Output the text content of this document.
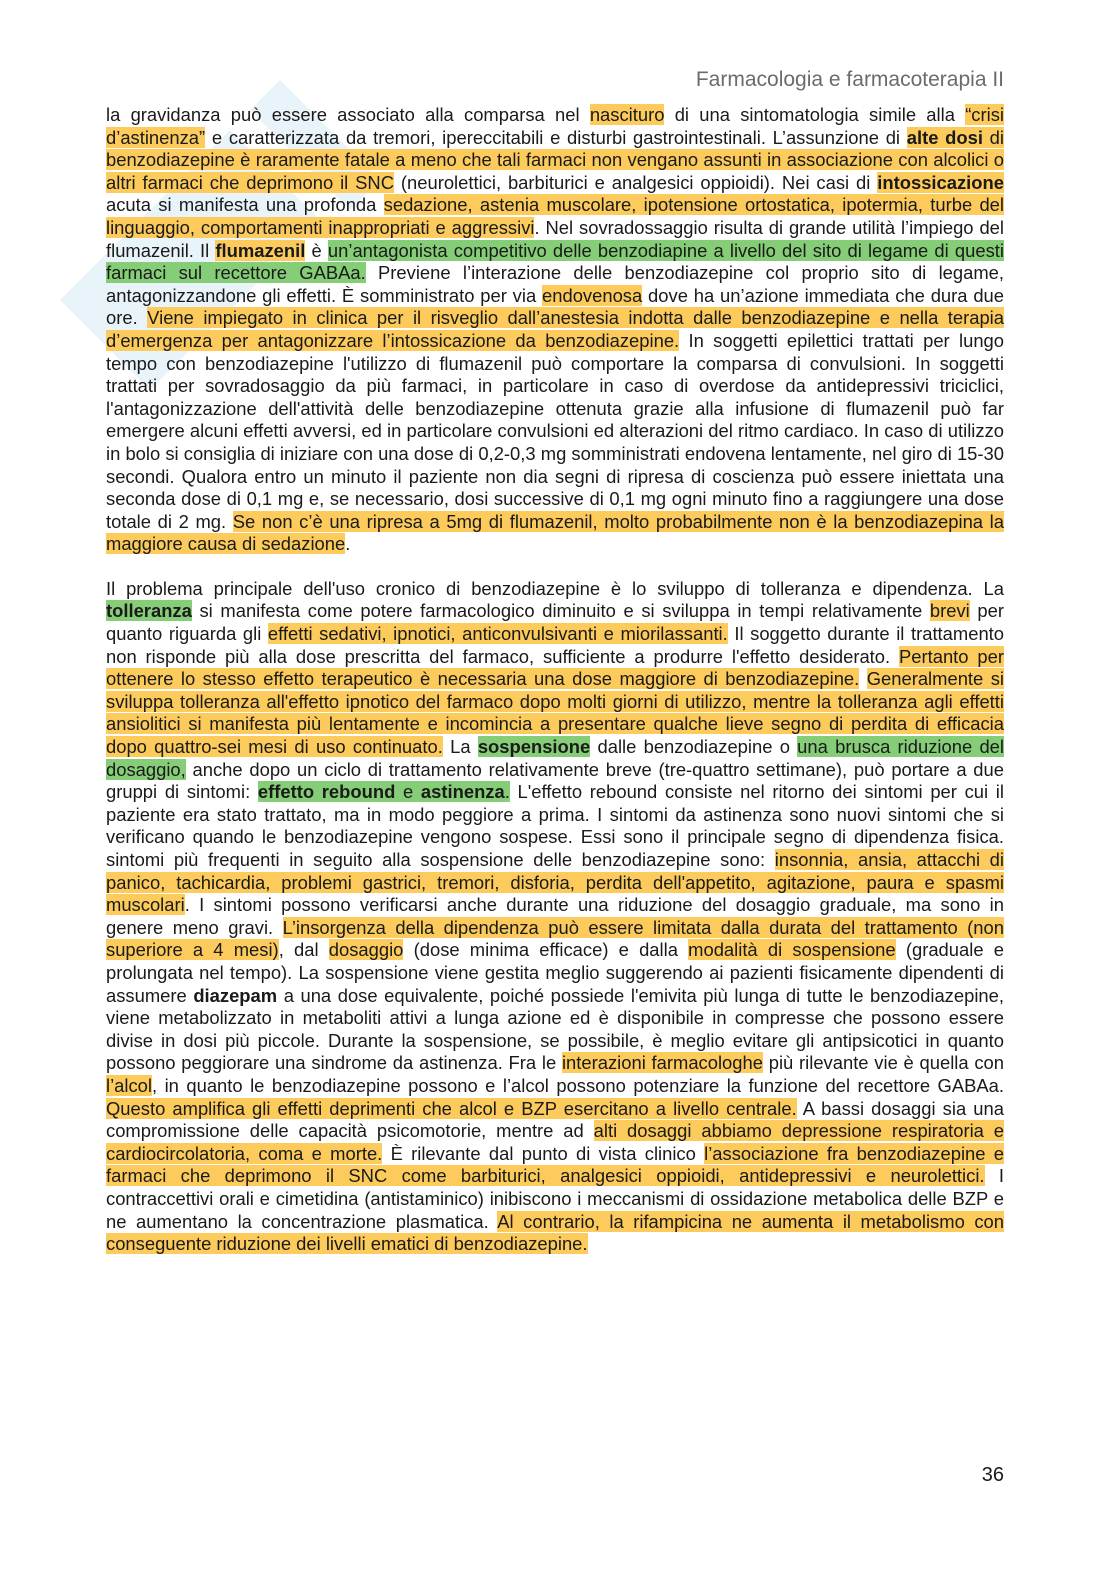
Farmacologia e farmacoterapia II

la gravidanza può essere associato alla comparsa nel nascituro di una sintomatologia simile alla “crisi d’astinenza” e caratterizzata da tremori, ipereccitabili e disturbi gastrointestinali. L’assunzione di alte dosi di benzodiazepine è raramente fatale a meno che tali farmaci non vengano assunti in associazione con alcolici o altri farmaci che deprimono il SNC (neurolettici, barbiturici e analgesici oppioidi). Nei casi di intossicazione acuta si manifesta una profonda sedazione, astenia muscolare, ipotensione ortostatica, ipotermia, turbe del linguaggio, comportamenti inappropriati e aggressivi. Nel sovradossaggio risulta di grande utilità l’impiego del flumazenil. Il flumazenil è un’antagonista competitivo delle benzodiapine a livello del sito di legame di questi farmaci sul recettore GABAa. Previene l’interazione delle benzodiazepine col proprio sito di legame, antagonizzandone gli effetti. È somministrato per via endovenosa dove ha un’azione immediata che dura due ore. Viene impiegato in clinica per il risveglio dall’anestesia indotta dalle benzodiazepine e nella terapia d’emergenza per antagonizzare l’intossicazione da benzodiazepine. In soggetti epilettici trattati per lungo tempo con benzodiazepine l'utilizzo di flumazenil può comportare la comparsa di convulsioni. In soggetti trattati per sovradosaggio da più farmaci, in particolare in caso di overdose da antidepressivi triciclici, l'antagonizzazione dell'attività delle benzodiazepine ottenuta grazie alla infusione di flumazenil può far emergere alcuni effetti avversi, ed in particolare convulsioni ed alterazioni del ritmo cardiaco. In caso di utilizzo in bolo si consiglia di iniziare con una dose di 0,2-0,3 mg somministrati endovena lentamente, nel giro di 15-30 secondi. Qualora entro un minuto il paziente non dia segni di ripresa di coscienza può essere iniettata una seconda dose di 0,1 mg e, se necessario, dosi successive di 0,1 mg ogni minuto fino a raggiungere una dose totale di 2 mg. Se non c’è una ripresa a 5mg di flumazenil, molto probabilmente non è la benzodiazepina la maggiore causa di sedazione.

Il problema principale dell'uso cronico di benzodiazepine è lo sviluppo di tolleranza e dipendenza. La tolleranza si manifesta come potere farmacologico diminuito e si sviluppa in tempi relativamente brevi per quanto riguarda gli effetti sedativi, ipnotici, anticonvulsivanti e miorilassanti. Il soggetto durante il trattamento non risponde più alla dose prescritta del farmaco, sufficiente a produrre l'effetto desiderato. Pertanto per ottenere lo stesso effetto terapeutico è necessaria una dose maggiore di benzodiazepine. Generalmente si sviluppa tolleranza all'effetto ipnotico del farmaco dopo molti giorni di utilizzo, mentre la tolleranza agli effetti ansiolitici si manifesta più lentamente e incomincia a presentare qualche lieve segno di perdita di efficacia dopo quattro-sei mesi di uso continuato. La sospensione dalle benzodiazepine o una brusca riduzione del dosaggio, anche dopo un ciclo di trattamento relativamente breve (tre-quattro settimane), può portare a due gruppi di sintomi: effetto rebound e astinenza. L'effetto rebound consiste nel ritorno dei sintomi per cui il paziente era stato trattato, ma in modo peggiore a prima. I sintomi da astinenza sono nuovi sintomi che si verificano quando le benzodiazepine vengono sospese. Essi sono il principale segno di dipendenza fisica. sintomi più frequenti in seguito alla sospensione delle benzodiazepine sono: insonnia, ansia, attacchi di panico, tachicardia, problemi gastrici, tremori, disforia, perdita dell'appetito, agitazione, paura e spasmi muscolari. I sintomi possono verificarsi anche durante una riduzione del dosaggio graduale, ma sono in genere meno gravi. L’insorgenza della dipendenza può essere limitata dalla durata del trattamento (non superiore a 4 mesi), dal dosaggio (dose minima efficace) e dalla modalità di sospensione (graduale e prolungata nel tempo). La sospensione viene gestita meglio suggerendo ai pazienti fisicamente dipendenti di assumere diazepam a una dose equivalente, poiché possiede l'emivita più lunga di tutte le benzodiazepine, viene metabolizzato in metaboliti attivi a lunga azione ed è disponibile in compresse che possono essere divise in dosi più piccole. Durante la sospensione, se possibile, è meglio evitare gli antipsicotici in quanto possono peggiorare una sindrome da astinenza. Fra le interazioni farmacologhe più rilevante vie è quella con l’alcol, in quanto le benzodiazepine possono e l’alcol possono potenziare la funzione del recettore GABAa. Questo amplifica gli effetti deprimenti che alcol e BZP esercitano a livello centrale. A bassi dosaggi sia una compromissione delle capacità psicomotorie, mentre ad alti dosaggi abbiamo depressione respiratoria e cardiocircolatoria, coma e morte. È rilevante dal punto di vista clinico l’associazione fra benzodiazepine e farmaci che deprimono il SNC come barbiturici, analgesici oppioidi, antidepressivi e neurolettici. I contraccettivi orali e cimetidina (antistaminico) inibiscono i meccanismi di ossidazione metabolica delle BZP e ne aumentano la concentrazione plasmatica. Al contrario, la rifampicina ne aumenta il metabolismo con conseguente riduzione dei livelli ematici di benzodiazepine.

36
